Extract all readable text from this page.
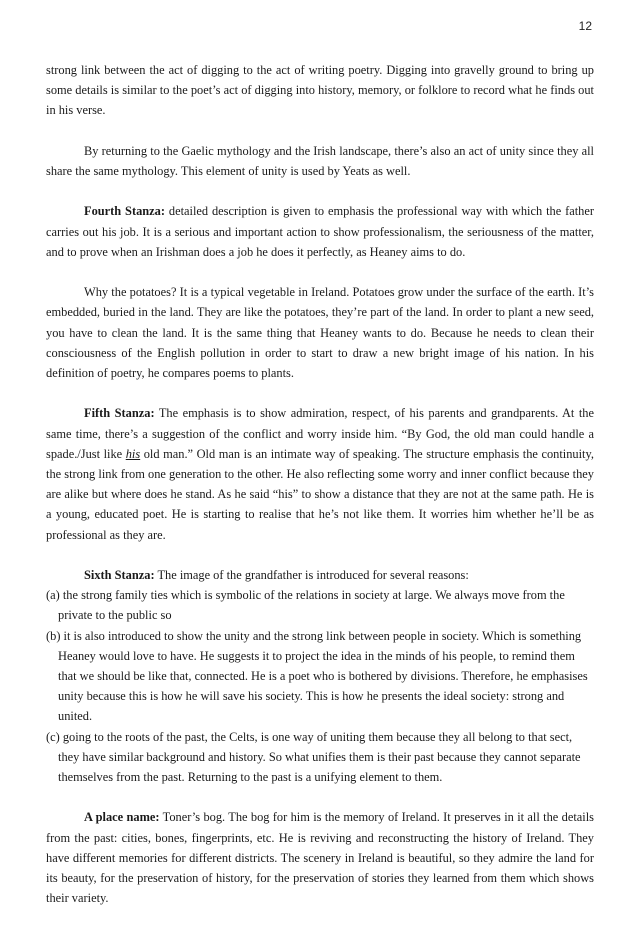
12

strong link between the act of digging to the act of writing poetry. Digging into gravelly ground to bring up some details is similar to the poet’s act of digging into history, memory, or folklore to record what he finds out in his verse.

By returning to the Gaelic mythology and the Irish landscape, there’s also an act of unity since they all share the same mythology. This element of unity is used by Yeats as well.

Fourth Stanza: detailed description is given to emphasis the professional way with which the father carries out his job. It is a serious and important action to show professionalism, the seriousness of the matter, and to prove when an Irishman does a job he does it perfectly, as Heaney aims to do.

Why the potatoes? It is a typical vegetable in Ireland. Potatoes grow under the surface of the earth. It’s embedded, buried in the land. They are like the potatoes, they’re part of the land. In order to plant a new seed, you have to clean the land. It is the same thing that Heaney wants to do. Because he needs to clean their consciousness of the English pollution in order to start to draw a new bright image of his nation. In his definition of poetry, he compares poems to plants.

Fifth Stanza: The emphasis is to show admiration, respect, of his parents and grandparents. At the same time, there’s a suggestion of the conflict and worry inside him. “By God, the old man could handle a spade./Just like his old man.” Old man is an intimate way of speaking. The structure emphasis the continuity, the strong link from one generation to the other. He also reflecting some worry and inner conflict because they are alike but where does he stand. As he said “his” to show a distance that they are not at the same path. He is a young, educated poet. He is starting to realise that he’s not like them. It worries him whether he’ll be as professional as they are.

Sixth Stanza: The image of the grandfather is introduced for several reasons:

(a) the strong family ties which is symbolic of the relations in society at large. We always move from the private to the public so
(b) it is also introduced to show the unity and the strong link between people in society. Which is something Heaney would love to have. He suggests it to project the idea in the minds of his people, to remind them that we should be like that, connected. He is a poet who is bothered by divisions. Therefore, he emphasises unity because this is how he will save his society. This is how he presents the ideal society: strong and united.
(c) going to the roots of the past, the Celts, is one way of uniting them because they all belong to that sect, they have similar background and history. So what unifies them is their past because they cannot separate themselves from the past. Returning to the past is a unifying element to them.

A place name: Toner’s bog. The bog for him is the memory of Ireland. It preserves in it all the details from the past: cities, bones, fingerprints, etc. He is reviving and reconstructing the history of Ireland. They have different memories for different districts. The scenery in Ireland is beautiful, so they admire the land for its beauty, for the preservation of history, for the preservation of stories they learned from them which shows their variety.
